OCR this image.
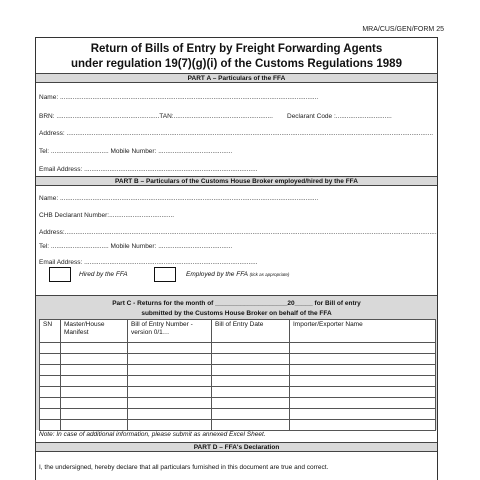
MRA/CUS/GEN/FORM 25
Return of Bills of Entry by Freight Forwarding Agents
under regulation 19(7)(g)(i) of the Customs Regulations 1989
PART A – Particulars of the FFA
Name: ...............................................................................................................................................
BRN: .........................................................TAN:....................................................... Declarant Code :...............................
Address: ...........................................................................................................................................................................................................
Tel: ................................ Mobile Number: .........................................
Email Address: ................................................................................................
PART B – Particulars of the Customs House Broker employed/hired by the FFA
Name: ...............................................................................................................................................
CHB Declarant Number:....................................
Address:..............................................................................................................................................................................................................
Tel: ................................ Mobile Number: .........................................
Email Address: ................................................................................................
Hired by the FFA	Employed by the FFA (tick as appropriate)
Part C - Returns for the month of ____________________20_____ for Bill of entry
submitted by the Customs House Broker on behalf of the FFA
SN	Master/House Manifest	Bill of Entry Number -version 0/1…	Bill of Entry Date	Importer/Exporter Name

Note: In case of additional information, please submit as annexed Excel Sheet.
PART D – FFA's Declaration
I, the undersigned, hereby declare that all particulars furnished in this document are true and correct.
